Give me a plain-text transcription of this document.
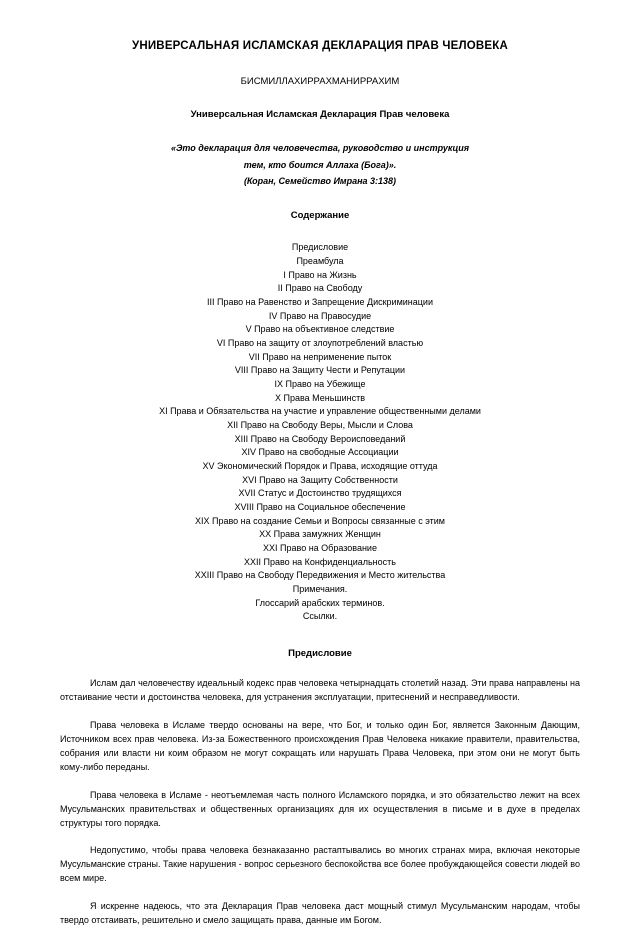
УНИВЕРСАЛЬНАЯ ИСЛАМСКАЯ ДЕКЛАРАЦИЯ ПРАВ ЧЕЛОВЕКА
БИСМИЛЛАХИРРАХМАНИРРАХИМ
Универсальная Исламская Декларация Прав человека
«Это декларация для человечества, руководство и инструкция
тем, кто боится Аллаха (Бога)».
(Коран, Семейство Имрана 3:138)
Содержание
Предисловие
Преамбула
I Право на Жизнь
II Право на Свободу
III Право на Равенство и Запрещение Дискриминации
IV Право на Правосудие
V Право на объективное следствие
VI Право на защиту от злоупотреблений властью
VII Право на неприменение пыток
VIII Право на Защиту Чести и Репутации
IX Право на Убежище
X Права Меньшинств
XI Права и Обязательства на участие и управление общественными делами
XII Право на Свободу Веры, Мысли и Слова
XIII Право на Свободу Вероисповеданий
XIV Право на свободные Ассоциации
XV Экономический Порядок и Права, исходящие оттуда
XVI Право на Защиту Собственности
XVII Статус и Достоинство трудящихся
XVIII Право на Социальное обеспечение
XIX Право на создание Семьи и Вопросы связанные с этим
XX Права замужних Женщин
XXI Право на Образование
XXII Право на Конфиденциальность
XXIII Право на Свободу Передвижения и Место жительства
Примечания.
Глоссарий арабских терминов.
Ссылки.
Предисловие

Ислам дал человечеству идеальный кодекс прав человека четырнадцать столетий назад. Эти права направлены на отстаивание чести и достоинства человека, для устранения эксплуатации, притеснений и несправедливости.

Права человека в Исламе твердо основаны на вере, что Бог, и только один Бог, является Законным Дающим, Источником всех прав человека. Из-за Божественного происхождения Прав Человека никакие правители, правительства, собрания или власти ни коим образом не могут сокращать или нарушать Права Человека, при этом они не могут быть кому-либо переданы.

Права человека в Исламе - неотъемлемая часть полного Исламского порядка, и это обязательство лежит на всех Мусульманских правительствах и общественных организациях для их осуществления в письме и в духе в пределах структуры того порядка.

Недопустимо, чтобы права человека безнаказанно растаптывались во многих странах мира, включая некоторые Мусульманские страны. Такие нарушения - вопрос серьезного беспокойства все более пробуждающейся совести людей во всем мире.

Я искренне надеюсь, что эта Декларация Прав человека даст мощный стимул Мусульманским народам, чтобы твердо отстаивать, решительно и смело защищать права, данные им Богом.
